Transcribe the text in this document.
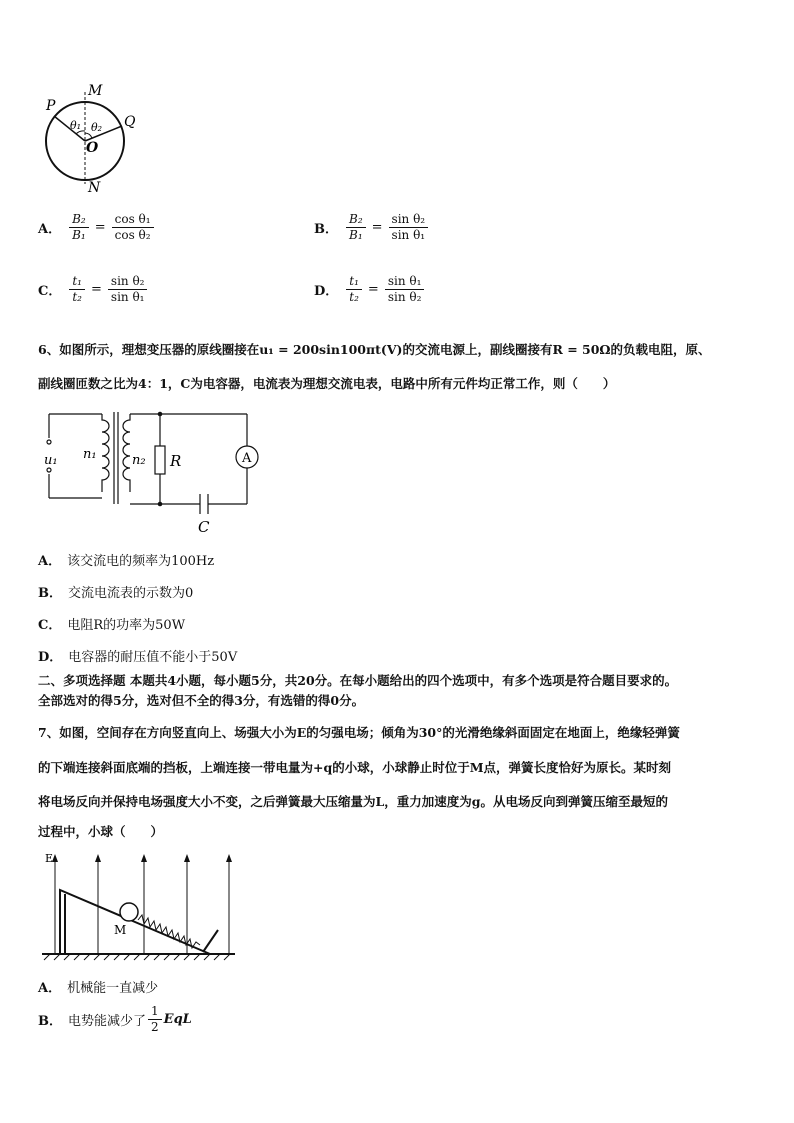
P
M
Q
O
N
θ₁ θ₂
A． $\frac{\text{B₂}}{\text{B₁}} = \frac{\text{cos θ₁}}{\text{cos θ₂}}$	B． $\frac{\text{B₂}}{\text{B₁}} = \frac{\text{sin θ₂}}{\text{sin θ₁}}$
C． $\frac{\text{t₁}}{\text{t₂}} = \frac{\text{sin θ₂}}{\text{sin θ₁}}$	D． $\frac{\text{t₁}}{\text{t₂}} = \frac{\text{sin θ₁}}{\text{sin θ₂}}$
6、如图所示，理想变压器的原线圈接在u₁ = 200sin100πt(V)的交流电源上，副线圈接有R = 50Ω的负载电阻，原、
副线圈匝数之比为4：1，C为电容器，电流表为理想交流电表，电路中所有元件均正常工作，则（　　）
u₁ n₁	n₂ R	A
C
A． 该交流电的频率为100Hz
B． 交流电流表的示数为0
C． 电阻R的功率为50W
D． 电容器的耐压值不能小于50V
二、多项选择题 本题共4小题，每小题5分，共20分。在每小题给出的四个选项中，有多个选项是符合题目要求的。
全部选对的得5分，选对但不全的得3分，有选错的得0分。
7、如图，空间存在方向竖直向上、场强大小为E的匀强电场；倾角为30°的光滑绝缘斜面固定在地面上，绝缘轻弹簧
的下端连接斜面底端的挡板，上端连接一带电量为+q的小球，小球静止时位于M点，弹簧长度恰好为原长。某时刻
将电场反向并保持电场强度大小不变，之后弹簧最大压缩量为L，重力加速度为g。从电场反向到弹簧压缩至最短的
过程中，小球（　　）
E
M
A． 机械能一直减少
B． 电势能减少了 $\frac{1}{2}$ EqL
